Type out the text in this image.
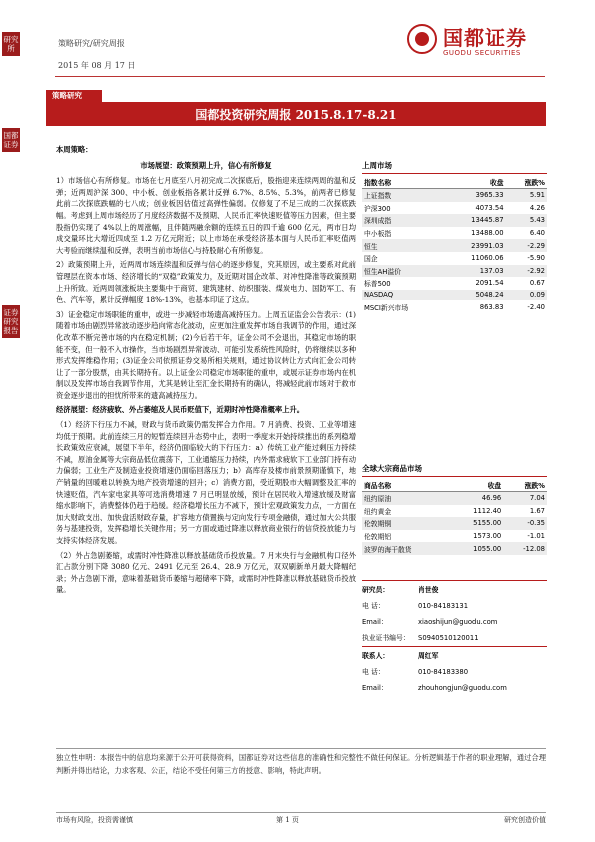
研究所
国都证券
证券研究报告
策略研究/研究周报
2015 年 08 月 17 日
国都证券
GUODU SECURITIES
策略研究
国都投资研究周报 2015.8.17-8.21

本周策略：

市场展望：政策预期上升，信心有所修复

1）市场信心有所修复。市场在七月底至八月初完成二次探底后，股指迎来连续两周的温和反弹；近两周沪深 300、中小板、创业板指各累计反弹 6.7%、8.5%、5.3%，前两者已修复此前二次探底跌幅的七八成；创业板因估值过高弹性偏弱。仅修复了不足三成的二次探底跌幅。考虑到上周市场经历了月度经济数据不及预期、人民币汇率快速贬值等压力因素，但主要股指仍实现了 4%以上的周涨幅，且伴随两融余额的连续五日的四千逾 600 亿元，两市日均成交量环比大增近四成至 1.2 万亿元附近；以上市场在承受经济基本面与人民币汇率贬值两大考验而继续温和反弹，表明当前市场信心与持股耐心有所修复。

2）政策预期上升，近两周市场连续温和反弹与信心的逐步修复，究其原因，或主要系对此前管理层在资本市场、经济增长的“双稳”政策发力，及近期对国企改革、对冲性降准等政策预期上升所致。近两周领涨板块主要集中于商贸、建筑建材、纺织服装、煤炭电力、国防军工、有色、汽车等，累计反弹幅度 18%-13%，也基本印证了这点。

3）证金稳定市场职能的重申，或进一步减轻市场遗高减持压力。上周五证监会公告表示：(1)随着市场由剧烈异常波动逐步趋向常态化波动，应更加注重发挥市场自我调节的作用，通过深化改革不断完善市场的内在稳定机制；(2)今后若干年，证金公司不会退出，其稳定市场的职能不变，但一般不入市操作，当市场剧烈异常波动、可能引发系统性风险时，仍将继续以多种形式发挥维稳作用；(3)证金公司依照证券交易所相关规则，通过协议转让方式向汇金公司转让了一部分股票，由其长期持有。以上证金公司稳定市场职能的重申，或展示证券市场内在机制以及发挥市场自我调节作用，尤其是转让至汇金长期持有的确认，将减轻此前市场对于救市资金逐步退出的担忧所带来的遗高减持压力。

经济展望：经济疲软、外占萎缩及人民币贬值下，近期时冲性降准概率上升。

（1）经济下行压力不减，财政与货币政策仍需发挥合力作用。7 月消费、投资、工业等增速均低于预期。此前连续三月的短暂连续回升态势中止，表明一季度末开始持续推出的系列稳增长政策效应衰减，展望下半年，经济仍面临较大的下行压力：a）传统工业产能过剩压力持续不减，原油金属等大宗商品低位震荡下，工业通缩压力持续，内外需求疲软下工业部门持有动力偏弱；工业生产及制造业投资增速仍面临回落压力；b）高库存及楼市前景预期谨慎下，地产销量的回暖难以转换为地产投资增速的回升；c）消费方面，受近期股市大幅调整及汇率的快速贬值，汽车家电家具等可选消费增速 7 月已明显放缓，预计在居民收入增速放缓及财富缩水影响下，消费整体仍趋于趋缓。经济稳增长压力不减下，预计宏观政策发力点，一方面在加大财政支出、加快盘活财政存量，扩容地方债置换与定向发行专项金融债，通过加大公共服务与基建投资，发挥稳增长关键作用；另一方面或通过降准以释放商业银行的信贷投放能力与支持实体经济发展。

（2）外占急剧萎缩，或需时冲性降准以释放基础货币投放量。7 月末央行与金融机构口径外汇占款分别下降 3080 亿元、2491 亿元至 26.4、28.9 万亿元，双双刷新单月最大降幅纪录；外占急剧下滑，意味着基础货币萎缩与超储率下降，或需时冲性降准以释放基础货币投放量。

上周市场
指数名称	收盘	涨跌%
上证指数	3965.33	5.91
沪深300	4073.54	4.26
深圳成指	13445.87	5.43
中小板指	13488.00	6.40
恒生	23991.03	-2.29
国企	11060.06	-5.90
恒生AH溢价	137.03	-2.92
标普500	2091.54	0.67
NASDAQ	5048.24	0.09
MSCI新兴市场	863.83	-2.40
全球大宗商品市场
商品名称	收盘	涨跌%
纽约原油	46.96	7.04
纽约黄金	1112.40	1.67
伦敦期铜	5155.00	-0.35
伦敦期铝	1573.00	-1.01
波罗的海干散货	1055.00	-12.08
研究员：	肖世俊
电 话：	010-84183131
Email：	xiaoshijun@guodu.com
执业证书编号：	S0940510120011
联系人：	周红军
电 话：	010-84183380
Email：	zhouhongjun@guodu.com
独立性申明：本报告中的信息均来源于公开可获得资料，国都证券对这些信息的准确性和完整性不做任何保证。分析逻辑基于作者的职业理解，通过合理判断并得出结论，力求客观、公正，结论不受任何第三方的授意、影响，特此声明。
市场有风险，投资需谨慎	第 1 页	研究创造价值
